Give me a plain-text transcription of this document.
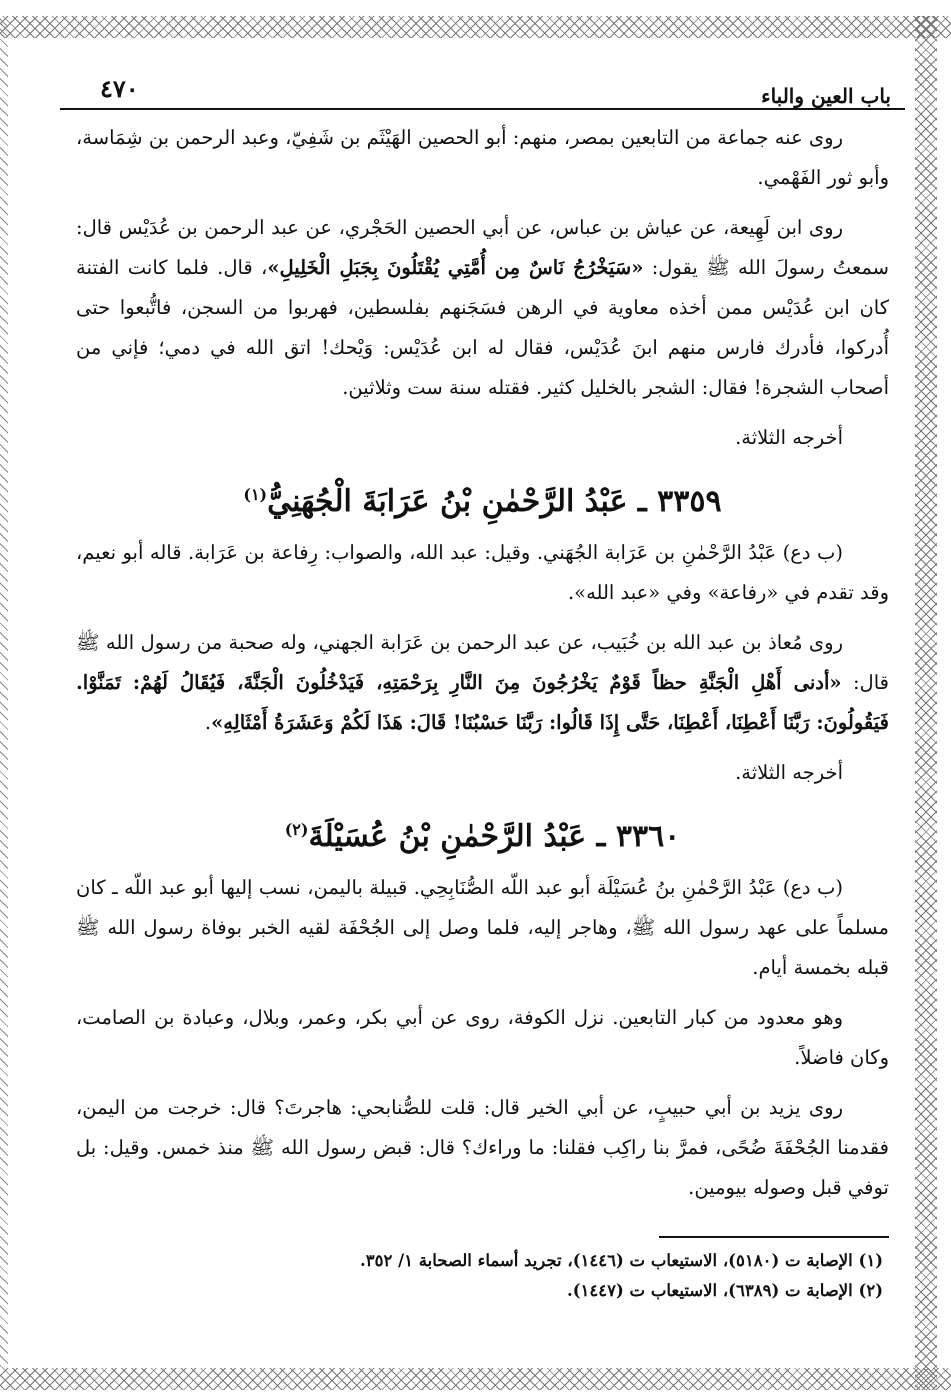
باب العين والباء
٤٧٠

روى عنه جماعة من التابعين بمصر، منهم: أبو الحصين الهَيْثَم بن شَفِيّ، وعبد الرحمن بن شِمَاسة، وأبو ثور الفَهْمي.

روى ابن لَهِيعة، عن عياش بن عباس، عن أبي الحصين الحَجْري، عن عبد الرحمن بن عُدَيْس قال: سمعتُ رسولَ الله ﷺ يقول: «سَيَخْرُجُ نَاسٌ مِن أُمَّتِي يُقْتَلُونَ بِجَبَلِ الْخَلِيلِ»، قال. فلما كانت الفتنة كان ابن عُدَيْس ممن أخذه معاوية في الرهن فسَجَنهم بفلسطين، فهربوا من السجن، فاتُّبعوا حتى أُدركوا، فأدرك فارس منهم ابنَ عُدَيْس، فقال له ابن عُدَيْس: وَيْحك! اتق الله في دمي؛ فإني من أصحاب الشجرة! فقال: الشجر بالخليل كثير. فقتله سنة ست وثلاثين.

أخرجه الثلاثة.

٣٣٥٩ ـ عَبْدُ الرَّحْمٰنِ بْنُ عَرَابَةَ الْجُهَنِيُّ$^{(١)}$

(ب دع) عَبْدُ الرَّحْمٰنِ بن عَرَابة الجُهَني. وقيل: عبد الله، والصواب: رِفاعة بن عَرَابة. قاله أبو نعيم، وقد تقدم في «رفاعة» وفي «عبد الله».

روى مُعاذ بن عبد الله بن خُبَيب، عن عبد الرحمن بن عَرَابة الجهني، وله صحبة من رسول الله ﷺ قال: «أدنى أَهْلِ الْجَنَّةِ حظاً قَوْمٌ يَخْرُجُونَ مِنَ النَّارِ بِرَحْمَتِهِ، فَيَدْخُلُونَ الْجَنَّةَ، فَيُقَالُ لَهُمْ: تَمَنَّوْا. فَيَقُولُونَ: رَبَّنَا أَعْطِنَا، أَعْطِنَا، حَتَّى إِذَا قَالُوا: رَبَّنَا حَسْبُنَا! قَالَ: هَذَا لَكُمْ وَعَشَرَةُ أَمْثَالِهِ».

أخرجه الثلاثة.

٣٣٦٠ ـ عَبْدُ الرَّحْمٰنِ بْنُ عُسَيْلَةَ$^{(٢)}$

(ب دع) عَبْدُ الرَّحْمٰنِ بنُ عُسَيْلَة أبو عبد اللّه الصُّنَابِحِي. قبيلة باليمن، نسب إليها أبو عبد اللّه ـ كان مسلماً على عهد رسول الله ﷺ، وهاجر إليه، فلما وصل إلى الجُحْفَة لقيه الخبر بوفاة رسول الله ﷺ قبله بخمسة أيام.

وهو معدود من كبار التابعين. نزل الكوفة، روى عن أبي بكر، وعمر، وبلال، وعبادة بن الصامت، وكان فاضلاً.

روى يزيد بن أبي حبيبٍ، عن أبي الخير قال: قلت للصُّنابحي: هاجرتَ؟ قال: خرجت من اليمن، فقدمنا الجُحْفَةَ ضُحًى، فمرَّ بنا راكِب فقلنا: ما وراءك؟ قال: قبض رسول الله ﷺ منذ خمس. وقيل: بل توفي قبل وصوله بيومين.

(١) الإصابة ت (٥١٨٠)، الاستيعاب ت (١٤٤٦)، تجريد أسماء الصحابة ١/ ٣٥٢.

(٢) الإصابة ت (٦٣٨٩)، الاستيعاب ت (١٤٤٧).
